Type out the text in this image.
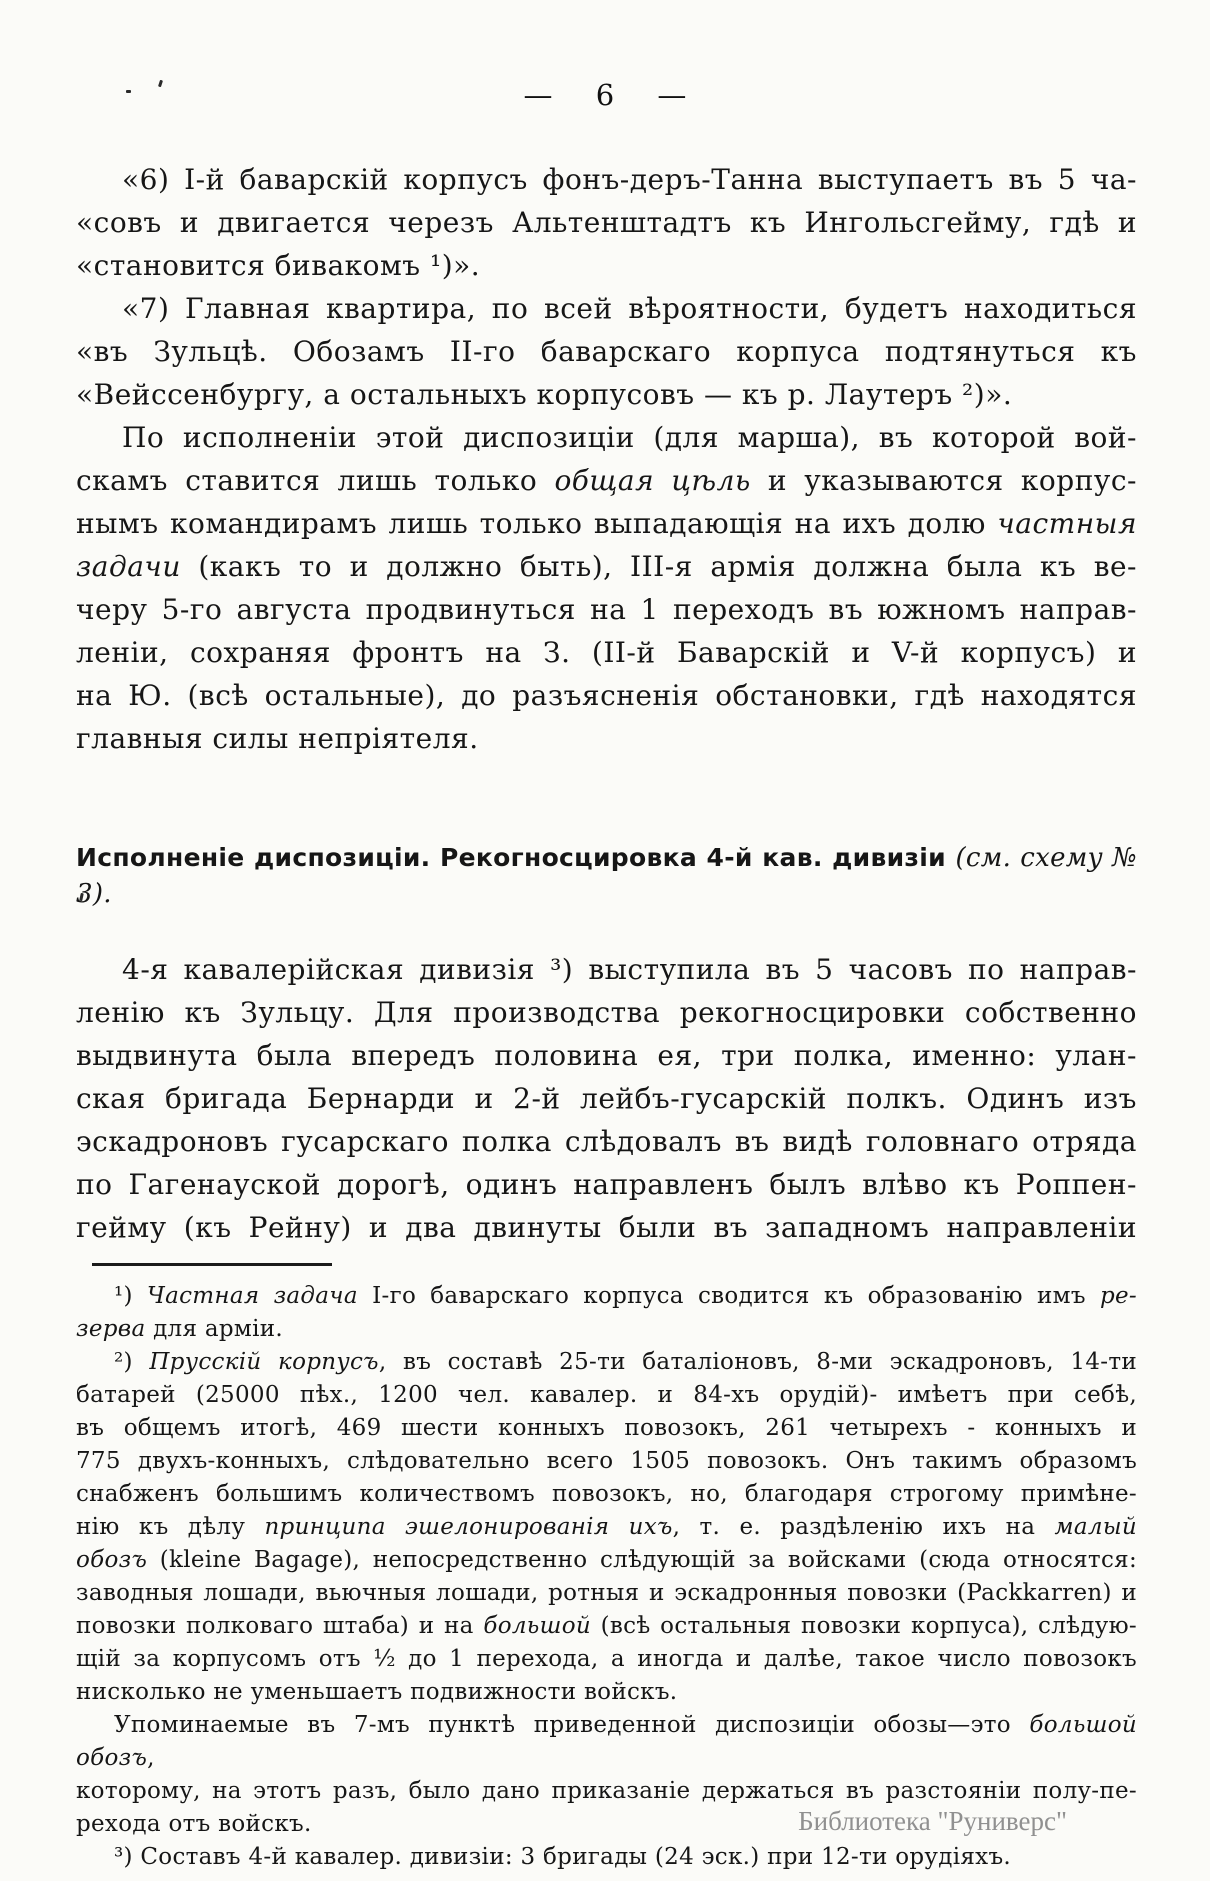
— 6 —
«6) I-й баварскій корпусъ фонъ-деръ-Танна выступаетъ въ 5 ча-
«совъ и двигается черезъ Альтенштадтъ къ Ингольсгейму, гдѣ и
«становится бивакомъ ¹)».
«7) Главная квартира, по всей вѣроятности, будетъ находиться
«въ Зульцѣ. Обозамъ II-го баварскаго корпуса подтянуться къ
«Вейссенбургу, а остальныхъ корпусовъ — къ р. Лаутеръ ²)».
По исполненіи этой диспозиціи (для марша), въ которой вой-
скамъ ставится лишь только общая цѣль и указываются корпус-
нымъ командирамъ лишь только выпадающія на ихъ долю частныя
задачи (какъ то и должно быть), III-я армія должна была къ ве-
черу 5-го августа продвинуться на 1 переходъ въ южномъ направ-
леніи, сохраняя фронтъ на З. (II-й Баварскій и V-й корпусъ) и
на Ю. (всѣ остальные), до разъясненія обстановки, гдѣ находятся
главныя силы непріятеля.
Исполненіе диспозиціи. Рекогносцировка 4-й кав. дивизіи (см. схему № 3).
4-я кавалерійская дивизія ³) выступила въ 5 часовъ по направ-
ленію къ Зульцу. Для производства рекогносцировки собственно
выдвинута была впередъ половина ея, три полка, именно: улан-
ская бригада Бернарди и 2-й лейбъ-гусарскій полкъ. Одинъ изъ
эскадроновъ гусарскаго полка слѣдовалъ въ видѣ головнаго отряда
по Гагенауской дорогѣ, одинъ направленъ былъ влѣво къ Роппен-
гейму (къ Рейну) и два двинуты были въ западномъ направленіи
¹) Частная задача I-го баварскаго корпуса сводится къ образованію имъ ре-
зерва для арміи.
²) Прусскій корпусъ, въ составѣ 25-ти баталіоновъ, 8-ми эскадроновъ, 14-ти
батарей (25000 пѣх., 1200 чел. кавалер. и 84-хъ орудій)- имѣетъ при себѣ,
въ общемъ итогѣ, 469 шести конныхъ повозокъ, 261 четырехъ - конныхъ и
775 двухъ-конныхъ, слѣдовательно всего 1505 повозокъ. Онъ такимъ образомъ
снабженъ большимъ количествомъ повозокъ, но, благодаря строгому примѣне-
нію къ дѣлу принципа эшелонированія ихъ, т. е. раздѣленію ихъ на малый
обозъ (kleine Bagage), непосредственно слѣдующій за войсками (сюда относятся:
заводныя лошади, вьючныя лошади, ротныя и эскадронныя повозки (Packkarren) и
повозки полковаго штаба) и на большой (всѣ остальныя повозки корпуса), слѣдую-
щій за корпусомъ отъ ½ до 1 перехода, а иногда и далѣе, такое число повозокъ
нисколько не уменьшаетъ подвижности войскъ.
Упоминаемые въ 7-мъ пунктѣ приведенной диспозиціи обозы—это большой обозъ,
которому, на этотъ разъ, было дано приказаніе держаться въ разстояніи полу-пе-
рехода отъ войскъ.
³) Составъ 4-й кавалер. дивизіи: 3 бригады (24 эск.) при 12-ти орудіяхъ.
Библиотека "Руниверс"
